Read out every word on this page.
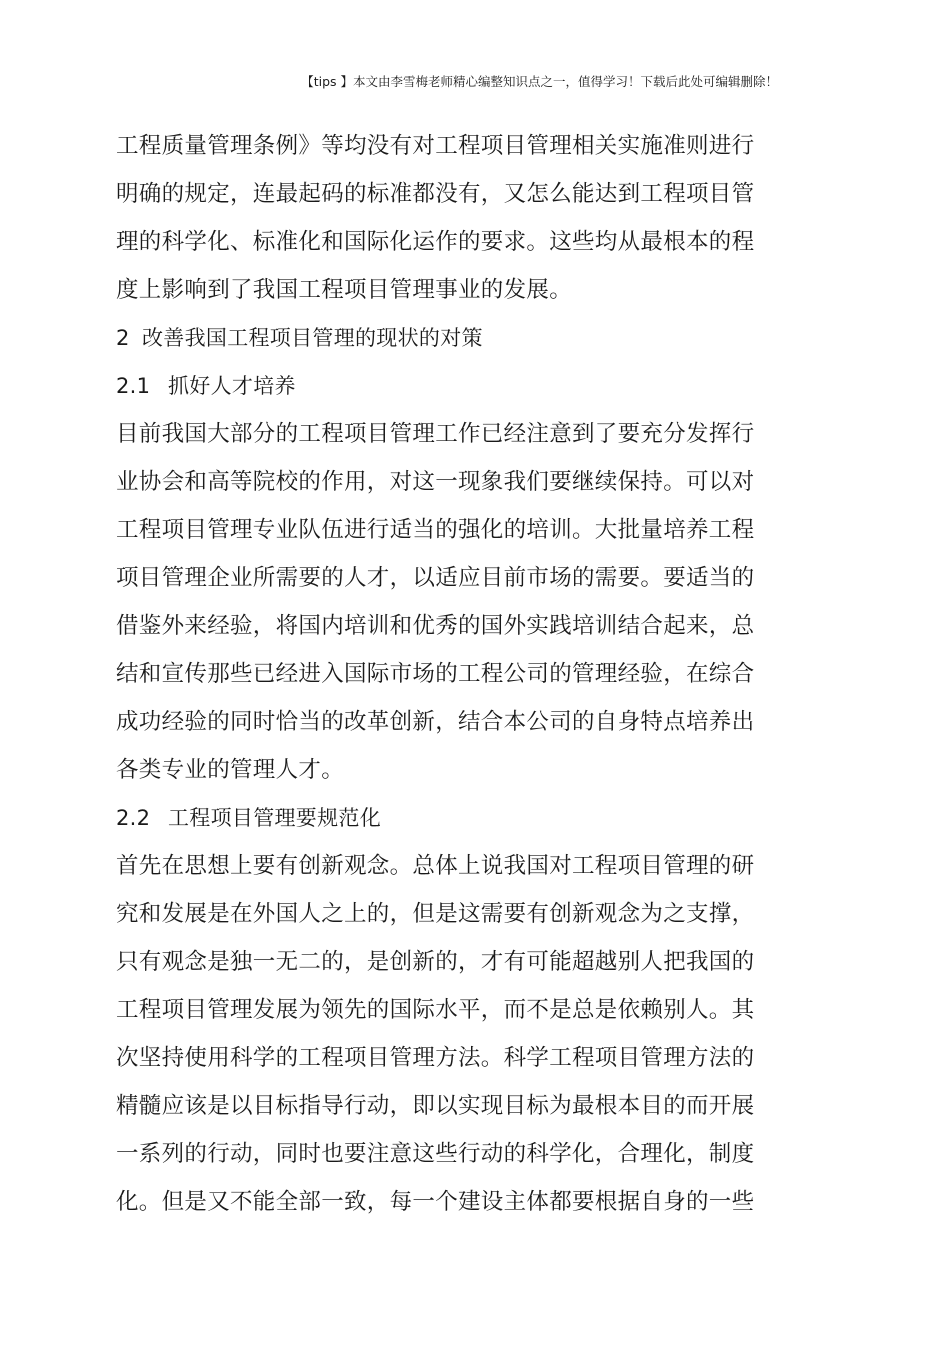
【tips 】本文由李雪梅老师精心编整知识点之一，值得学习！下载后此处可编辑删除！
工程质量管理条例》等均没有对工程项目管理相关实施准则进行
明确的规定，连最起码的标准都没有，又怎么能达到工程项目管
理的科学化、标准化和国际化运作的要求。这些均从最根本的程
度上影响到了我国工程项目管理事业的发展。
2 改善我国工程项目管理的现状的对策
2.1 抓好人才培养
目前我国大部分的工程项目管理工作已经注意到了要充分发挥行
业协会和高等院校的作用，对这一现象我们要继续保持。可以对
工程项目管理专业队伍进行适当的强化的培训。大批量培养工程
项目管理企业所需要的人才，以适应目前市场的需要。要适当的
借鉴外来经验，将国内培训和优秀的国外实践培训结合起来，总
结和宣传那些已经进入国际市场的工程公司的管理经验，在综合
成功经验的同时恰当的改革创新，结合本公司的自身特点培养出
各类专业的管理人才。
2.2 工程项目管理要规范化
首先在思想上要有创新观念。总体上说我国对工程项目管理的研
究和发展是在外国人之上的，但是这需要有创新观念为之支撑，
只有观念是独一无二的，是创新的，才有可能超越别人把我国的
工程项目管理发展为领先的国际水平，而不是总是依赖别人。其
次坚持使用科学的工程项目管理方法。科学工程项目管理方法的
精髓应该是以目标指导行动，即以实现目标为最根本目的而开展
一系列的行动，同时也要注意这些行动的科学化，合理化，制度
化。但是又不能全部一致，每一个建设主体都要根据自身的一些
